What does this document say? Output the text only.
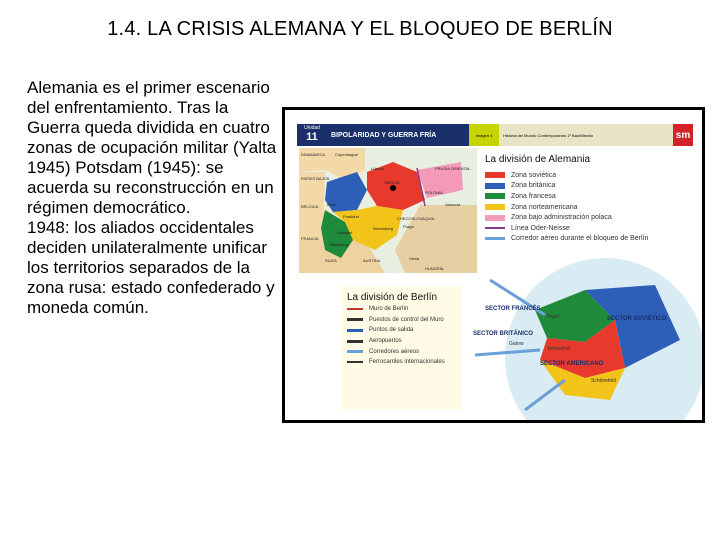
1.4. LA CRISIS ALEMANA Y EL BLOQUEO DE BERLÍN

Alemania es el primer escenario del enfrentamiento. Tras la Guerra queda dividida en cuatro zonas de ocupación militar (Yalta 1945) Potsdam (1945): se acuerda su reconstrucción en un régimen democrático.

1948: los aliados occidentales deciden unilateralmente unificar los territorios separados de la zona rusa: estado confederado y moneda común.

Unidad
11	BIPOLARIDAD Y GUERRA FRÍA	Imagen 4	Historia del Mundo Contemporáneo 1º Bachillerato	sm
La división de Alemania
La división de Berlín
SECTOR FRANCÉS
SECTOR SOVIÉTICO
SECTOR BRITÁNICO
SECTOR AMERICANO
Tegel
Gatow
Tempelhof
Schönefeld
DINAMARCA Copenhague
PAÍSES BAJOS
BÉLGICA
FRANCIA
SUIZA	AUSTRIA
POLONIA
Varsovia
PRUSIA ORIENTAL
Lübeck
BERLÍN
Bonn
Frankfurt
Stuttgart
Heidelberg
Núremberg
CHECOSLOVAQUIA
Praga
Viena
HUNGRÍA
Zona soviética
Zona británica
Zona francesa
Zona norteamericana
Zona bajo administración polaca
Línea Oder-Neisse
Corredor aéreo durante el bloqueo de Berlín
Muro de Berlín
Puestos de control del Muro
Puntos de salida
Aeropuertos
Corredores aéreos
Ferrocarriles internacionales
